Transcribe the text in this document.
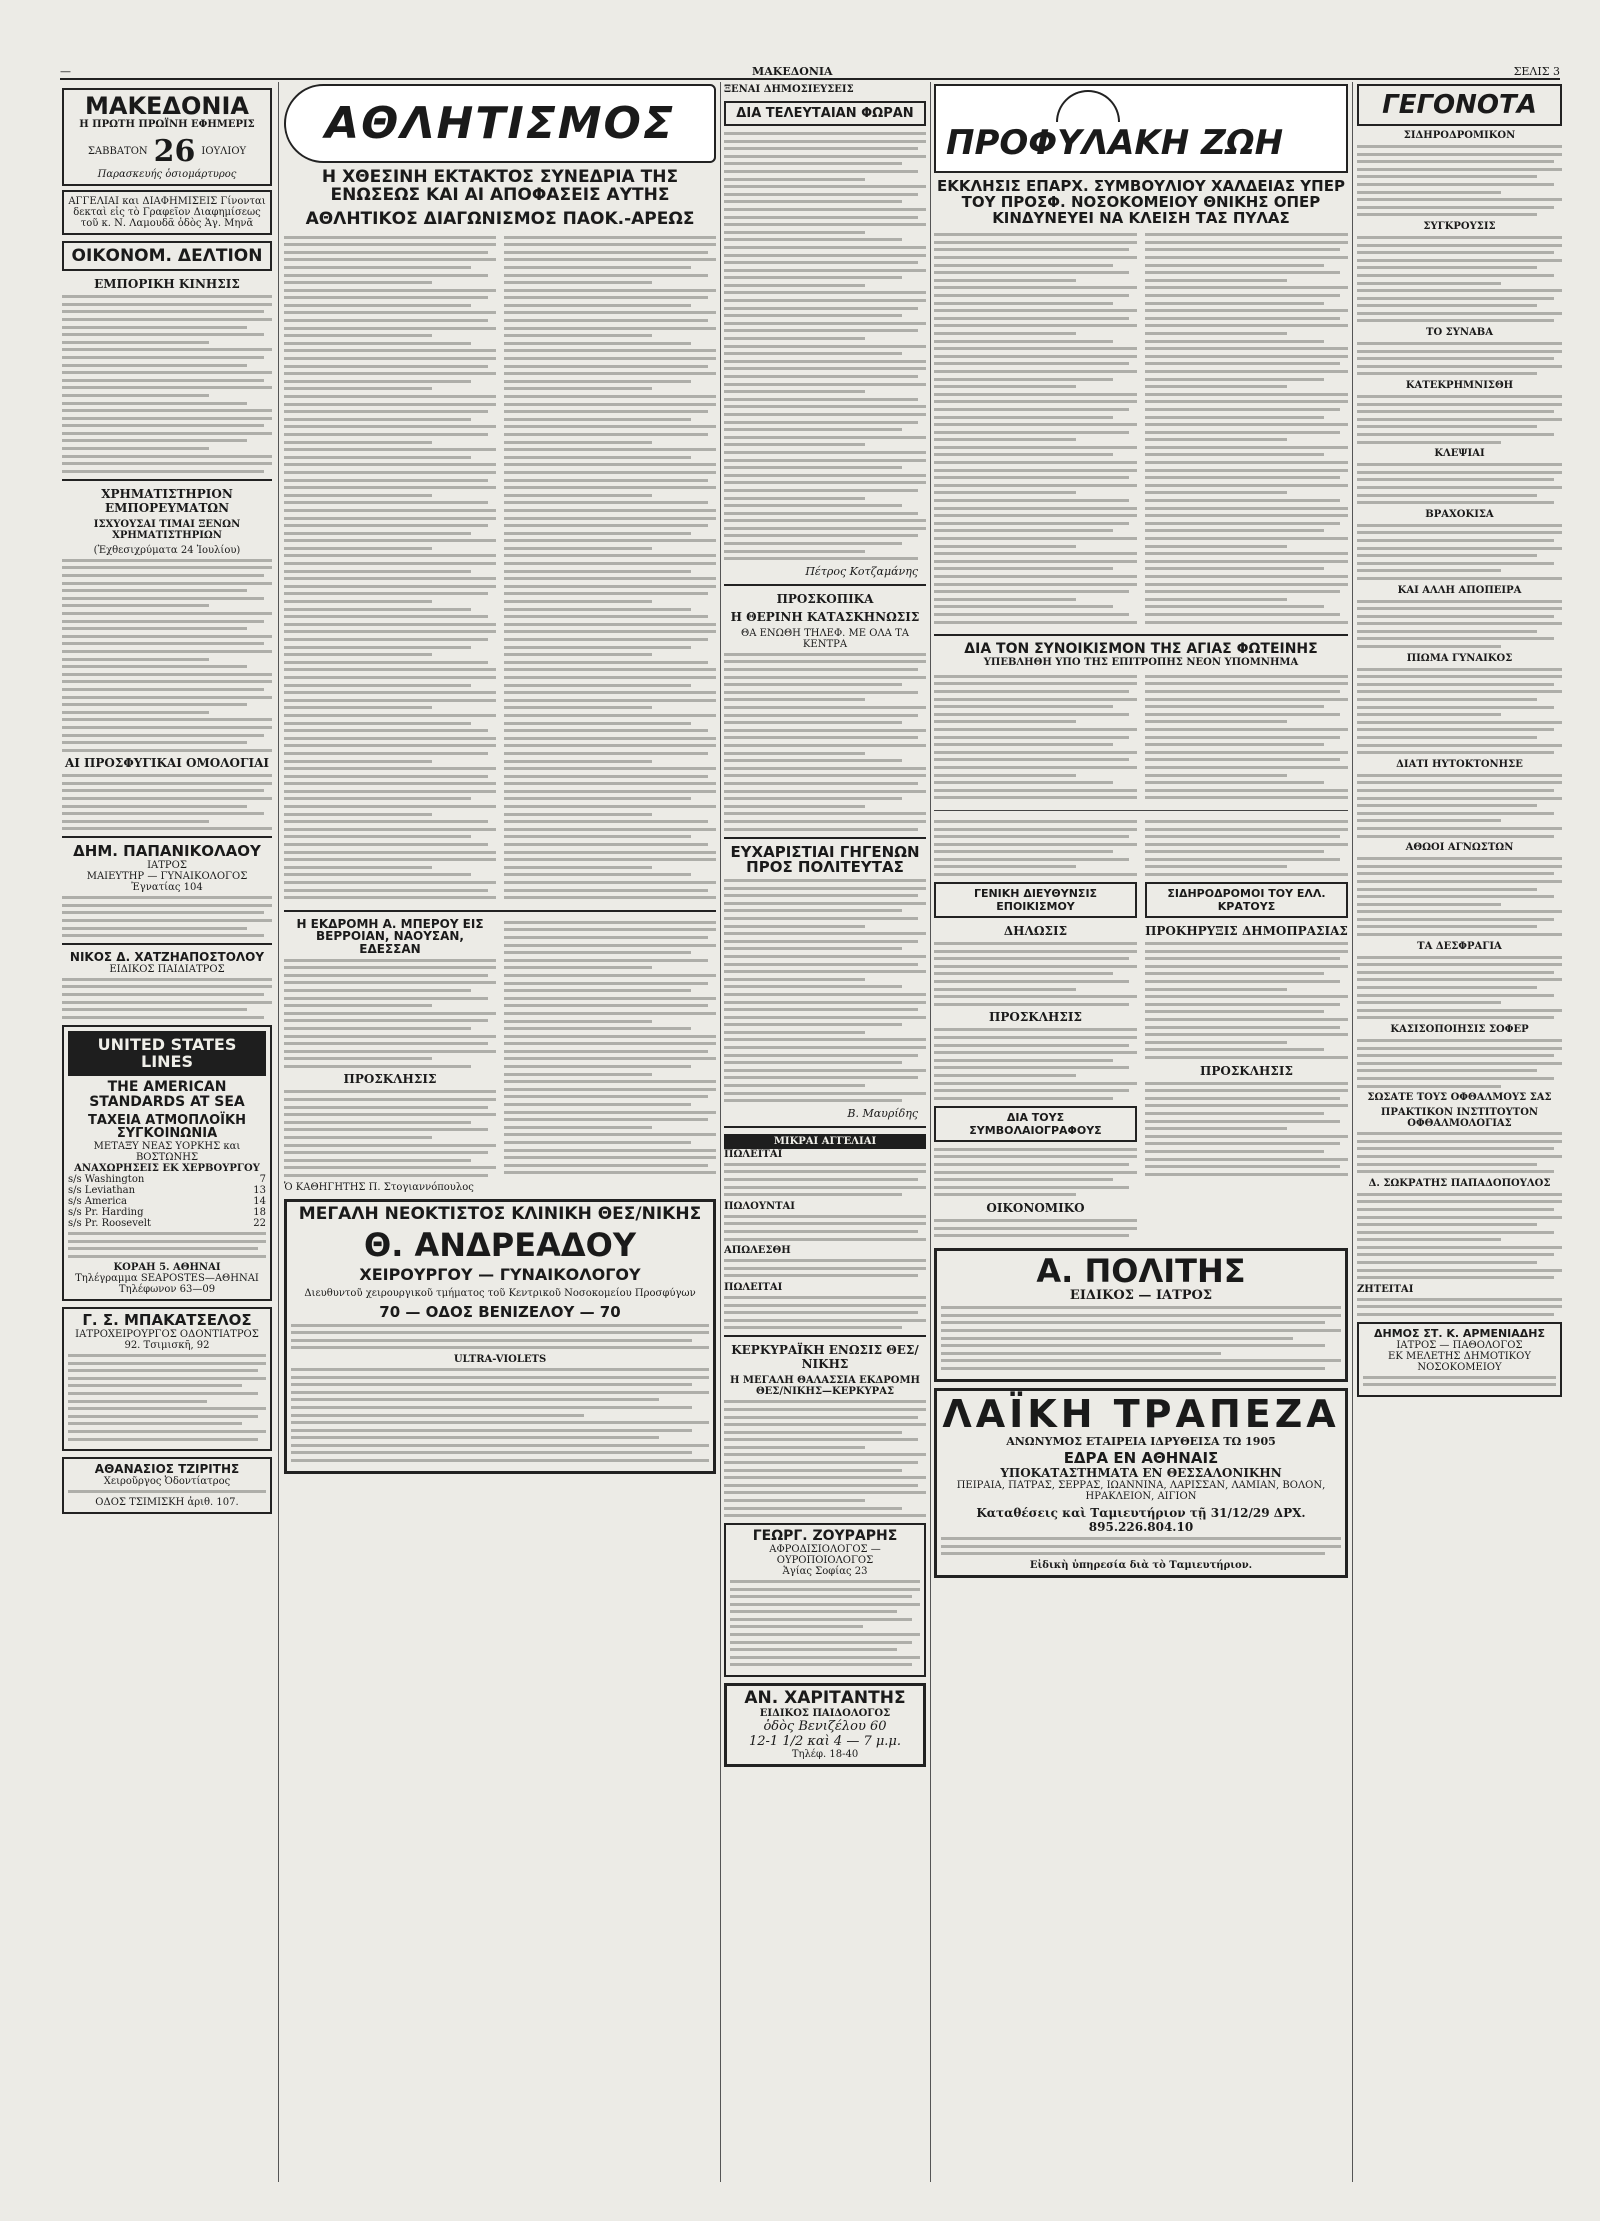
—	ΜΑΚΕΔΟΝΙΑ	ΣΕΛΙΣ 3
ΜΑΚΕΔΟΝΙΑ
Η ΠΡΩΤΗ ΠΡΩΪΝΗ ΕΦΗΜΕΡΙΣ
ΣΑΒΒΑΤΟΝ 26 ΙΟΥΛΙΟΥ
Παρασκευής ὁσιομάρτυρος
ΑΓΓΕΛΙΑΙ και ΔΙΑΦΗΜΙΣΕΙΣ Γίνονται δεκταὶ εἰς τὸ Γραφεῖον Διαφημίσεως τοῦ κ. Ν. Λαμουδᾶ ὁδὸς Ἁγ. Μηνᾶ
ΟΙΚΟΝΟΜ. ΔΕΛΤΙΟΝ
ΕΜΠΟΡΙΚΗ ΚΙΝΗΣΙΣ
ΧΡΗΜΑΤΙΣΤΗΡΙΟΝ ΕΜΠΟΡΕΥΜΑΤΩΝ
ΙΣΧΥΟΥΣΑΙ ΤΙΜΑΙ ΞΕΝΩΝ ΧΡΗΜΑΤΙΣΤΗΡΙΩΝ
(Ἐχθεσιχρύματα 24 Ἰουλίου)
ΑΙ ΠΡΟΣΦΥΓΙΚΑΙ ΟΜΟΛΟΓΙΑΙ
ΔΗΜ. ΠΑΠΑΝΙΚΟΛΑΟΥ
ΙΑΤΡΟΣ
ΜΑΙΕΥΤΗΡ — ΓΥΝΑΙΚΟΛΟΓΟΣ
Ἐγνατίας 104
ΝΙΚΟΣ Δ. ΧΑΤΖΗΑΠΟΣΤΟΛΟΥ
ΕΙΔΙΚΟΣ ΠΑΙΔΙΑΤΡΟΣ
UNITED STATES LINES
THE AMERICAN STANDARDS AT SEA
ΤΑΧΕΙΑ ΑΤΜΟΠΛΟΪΚΗ ΣΥΓΚΟΙΝΩΝΙΑ
ΜΕΤΑΞΥ ΝΕΑΣ ΥΟΡΚΗΣ και ΒΟΣΤΩΝΗΣ
ΑΝΑΧΩΡΗΣΕΙΣ ΕΚ ΧΕΡΒΟΥΡΓΟΥ
s/s Washington	7
s/s Leviathan	13
s/s America	14
s/s Pr. Harding	18
s/s Pr. Roosevelt	22
ΚΟΡΑΗ 5. ΑΘΗΝΑΙ
Τηλέγραμμα SEAPOSTES—ΑΘΗΝΑΙ
Τηλέφωνον 63—09
Γ. Σ. ΜΠΑΚΑΤΣΕΛΟΣ
ΙΑΤΡΟΧΕΙΡΟΥΡΓΟΣ ΟΔΟΝΤΙΑΤΡΟΣ
92. Τσιμισκῆ, 92
ΑΘΑΝΑΣΙΟΣ ΤΖΙΡΙΤΗΣ
Χειροῦργος Ὀδοντίατρος
ΟΔΟΣ ΤΣΙΜΙΣΚΗ ἀριθ. 107.
ΑΘΛΗΤΙΣΜΟΣ
Η ΧΘΕΣΙΝΗ ΕΚΤΑΚΤΟΣ ΣΥΝΕΔΡΙΑ ΤΗΣ ΕΝΩΣΕΩΣ ΚΑΙ ΑΙ ΑΠΟΦΑΣΕΙΣ ΑΥΤΗΣ
ΑΘΛΗΤΙΚΟΣ ΔΙΑΓΩΝΙΣΜΟΣ ΠΑΟΚ.-ΑΡΕΩΣ
Η ΕΚΔΡΟΜΗ Α. ΜΠΕΡΟΥ ΕΙΣ ΒΕΡΡΟΙΑΝ, ΝΑΟΥΣΑΝ, ΕΔΕΣΣΑΝ
ΠΡΟΣΚΛΗΣΙΣ
Ὁ ΚΑΘΗΓΗΤΗΣ Π. Στογιαννόπουλος
ΜΕΓΑΛΗ ΝΕΟΚΤΙΣΤΟΣ ΚΛΙΝΙΚΗ ΘΕΣ/ΝΙΚΗΣ
Θ. ΑΝΔΡΕΑΔΟΥ
ΧΕΙΡΟΥΡΓΟΥ — ΓΥΝΑΙΚΟΛΟΓΟΥ
Διευθυντοῦ χειρουργικοῦ τμήματος τοῦ Κεντρικοῦ Νοσοκομείου Προσφύγων
70 — ΟΔΟΣ ΒΕΝΙΖΕΛΟΥ — 70
ULTRA-VIOLETS
ΞΕΝΑΙ ΔΗΜΟΣΙΕΥΣΕΙΣ
ΔΙΑ ΤΕΛΕΥΤΑΙΑΝ ΦΩΡΑΝ
Πέτρος Κοτζαμάνης
ΠΡΟΣΚΟΠΙΚΑ
Η ΘΕΡΙΝΗ ΚΑΤΑΣΚΗΝΩΣΙΣ
ΘΑ ΕΝΩΘΗ ΤΗΛΕΦ. ΜΕ ΟΛΑ ΤΑ ΚΕΝΤΡΑ
ΕΥΧΑΡΙΣΤΙΑΙ ΓΗΓΕΝΩΝ ΠΡΟΣ ΠΟΛΙΤΕΥΤΑΣ
Β. Μαυρίδης
ΜΙΚΡΑΙ ΑΓΓΕΛΙΑΙ
ΠΩΛΕΙΤΑΙ
ΠΩΛΟΥΝΤΑΙ
ΑΠΩΛΕΣΘΗ
ΠΩΛΕΙΤΑΙ
ΚΕΡΚΥΡΑΪΚΗ ΕΝΩΣΙΣ ΘΕΣ/ΝΙΚΗΣ
Η ΜΕΓΑΛΗ ΘΑΛΑΣΣΙΑ ΕΚΔΡΟΜΗ ΘΕΣ/ΝΙΚΗΣ—ΚΕΡΚΥΡΑΣ
ΓΕΩΡΓ. ΖΟΥΡΑΡΗΣ
ΑΦΡΟΔΙΣΙΟΛΟΓΟΣ — ΟΥΡΟΠΟΙΟΛΟΓΟΣ
Ἁγίας Σοφίας 23
ΑΝ. ΧΑΡΙΤΑΝΤΗΣ
ΕΙΔΙΚΟΣ ΠΑΙΔΟΛΟΓΟΣ
ὁδὸς Βενιζέλου 60
12-1 1/2 καὶ 4 — 7 μ.μ.
Τηλέφ. 18-40
ΠΡΟΦΥΛΑΚΗ ΖΩΗ
ΕΚΚΛΗΣΙΣ ΕΠΑΡΧ. ΣΥΜΒΟΥΛΙΟΥ ΧΑΛΔΕΙΑΣ ΥΠΕΡ ΤΟΥ ΠΡΟΣΦ. ΝΟΣΟΚΟΜΕΙΟΥ ΘΝΙΚΗΣ ΟΠΕΡ ΚΙΝΔΥΝΕΥΕΙ ΝΑ ΚΛΕΙΣΗ ΤΑΣ ΠΥΛΑΣ
ΔΙΑ ΤΟΝ ΣΥΝΟΙΚΙΣΜΟΝ ΤΗΣ ΑΓΙΑΣ ΦΩΤΕΙΝΗΣ
ΥΠΕΒΛΗΘΗ ΥΠΟ ΤΗΣ ΕΠΙΤΡΟΠΗΣ ΝΕΟΝ ΥΠΟΜΝΗΜΑ
ΓΕΝΙΚΗ ΔΙΕΥΘΥΝΣΙΣ ΕΠΟΙΚΙΣΜΟΥ
ΔΗΛΩΣΙΣ
ΠΡΟΣΚΛΗΣΙΣ
ΔΙΑ ΤΟΥΣ ΣΥΜΒΟΛΑΙΟΓΡΑΦΟΥΣ
ΟΙΚΟΝΟΜΙΚΟ
ΣΙΔΗΡΟΔΡΟΜΟΙ ΤΟΥ ΕΛΛ. ΚΡΑΤΟΥΣ
ΠΡΟΚΗΡΥΞΙΣ ΔΗΜΟΠΡΑΣΙΑΣ
ΠΡΟΣΚΛΗΣΙΣ
Α. ΠΟΛΙΤΗΣ
ΕΙΔΙΚΟΣ — ΙΑΤΡΟΣ
ΛΑΪΚΗ ΤΡΑΠΕΖΑ
ΑΝΩΝΥΜΟΣ ΕΤΑΙΡΕΙΑ ΙΔΡΥΘΕΙΣΑ ΤΩ 1905
ΕΔΡΑ ΕΝ ΑΘΗΝΑΙΣ
ΥΠΟΚΑΤΑΣΤΗΜΑΤΑ ΕΝ ΘΕΣΣΑΛΟΝΙΚΗΝ
ΠΕΙΡΑΙΑ, ΠΑΤΡΑΣ, ΣΕΡΡΑΣ, ΙΩΑΝΝΙΝΑ, ΛΑΡΙΣΣΑΝ, ΛΑΜΙΑΝ, ΒΟΛΟΝ, ΗΡΑΚΛΕΙΟΝ, ΑΙΓΙΟΝ
Καταθέσεις καὶ Ταμιευτήριον τῇ 31/12/29 ΔΡΧ. 895.226.804.10
Εἰδικὴ ὑπηρεσία διὰ τὸ Ταμιευτήριον.
ΓΕΓΟΝΟΤΑ
ΣΙΔΗΡΟΔΡΟΜΙΚΟΝ
ΣΥΓΚΡΟΥΣΙΣ
ΤΟ ΣΥΝΑΒΑ
ΚΑΤΕΚΡΗΜΝΙΣΘΗ
ΚΛΕΨΙΑΙ
ΒΡΑΧΟΚΙΣΑ
ΚΑΙ ΑΛΛΗ ΑΠΟΠΕΙΡΑ
ΠΙΩΜΑ ΓΥΝΑΙΚΟΣ
ΔΙΑΤΙ ΗΥΤΟΚΤΟΝΗΣΕ
ΑΘΩΟΙ ΑΓΝΩΣΤΩΝ
ΤΑ ΔΕΣΦΡΑΓΙΑ
ΚΑΣΙΣΟΠΟΙΗΣΙΣ ΣΟΦΕΡ
ΣΩΣΑΤΕ ΤΟΥΣ ΟΦΘΑΛΜΟΥΣ ΣΑΣ
ΠΡΑΚΤΙΚΟΝ ΙΝΣΤΙΤΟΥΤΟΝ ΟΦΘΑΛΜΟΛΟΓΙΑΣ
Δ. ΣΩΚΡΑΤΗΣ ΠΑΠΑΔΟΠΟΥΛΟΣ
ΖΗΤΕΙΤΑΙ
ΔΗΜΟΣ ΣΤ. Κ. ΑΡΜΕΝΙΑΔΗΣ
ΙΑΤΡΟΣ — ΠΑΘΟΛΟΓΟΣ
ΕΚ ΜΕΛΕΤΗΣ ΔΗΜΟΤΙΚΟΥ ΝΟΣΟΚΟΜΕΙΟΥ
